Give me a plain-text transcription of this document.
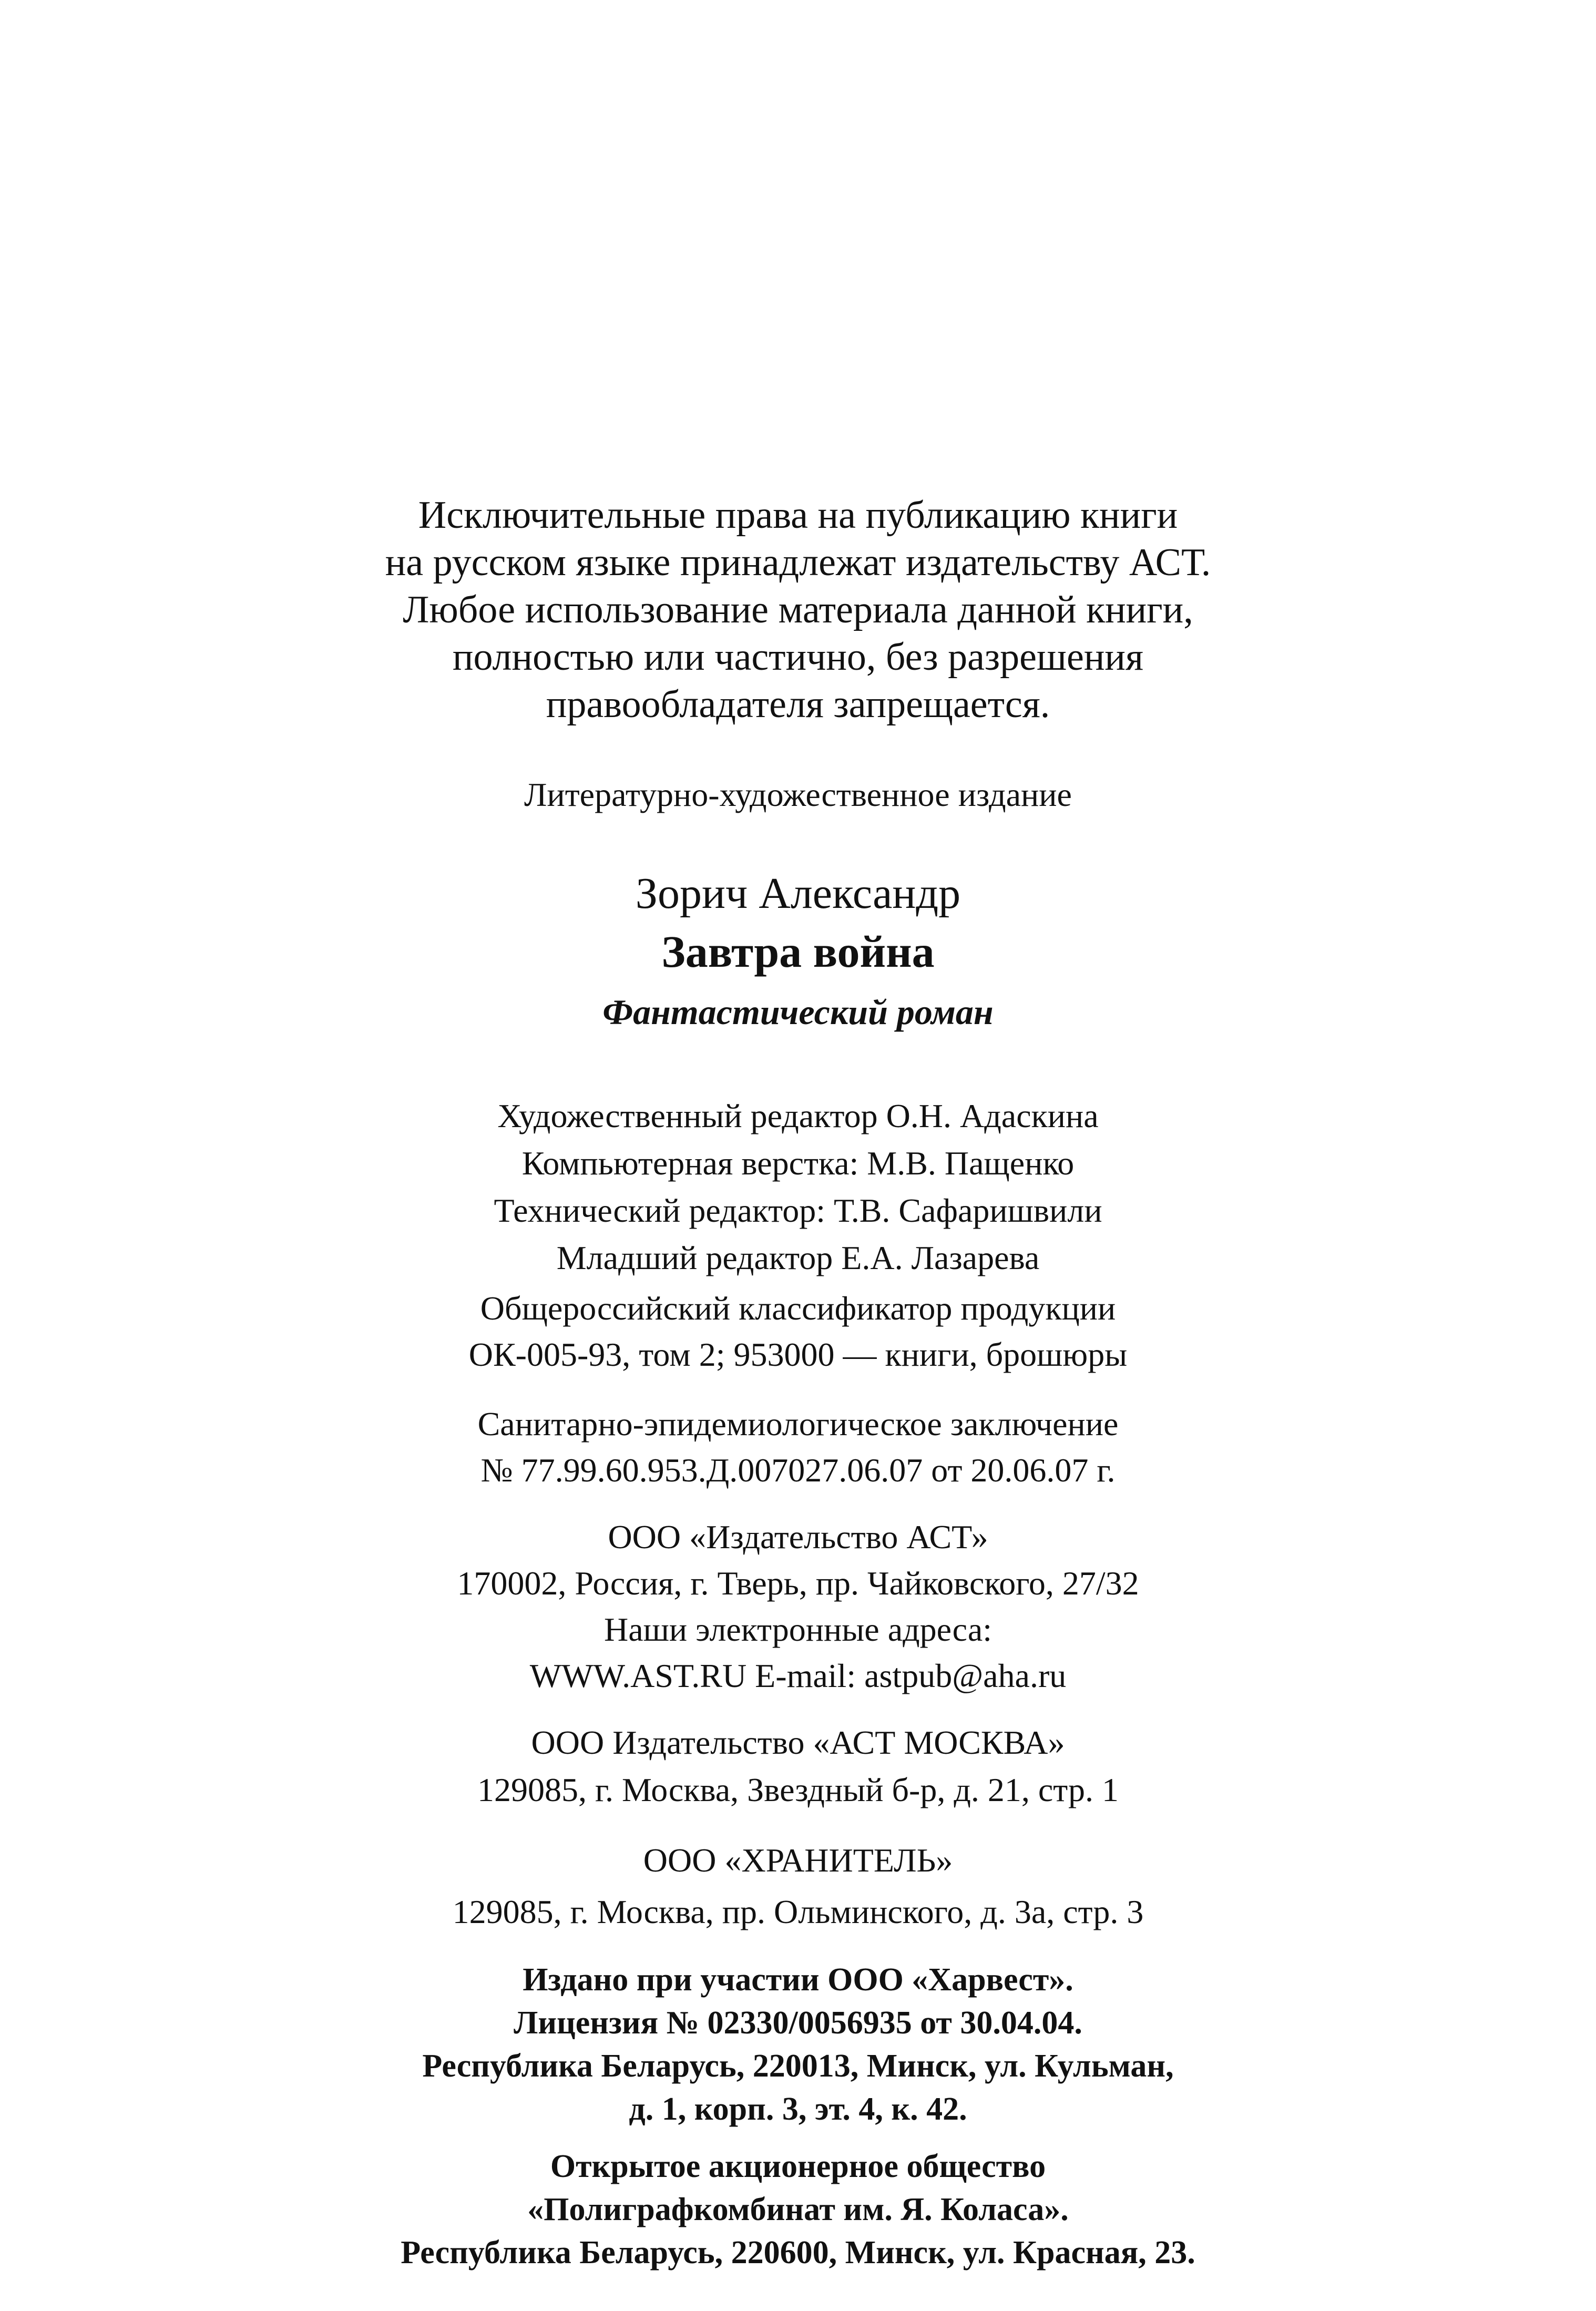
Исключительные права на публикацию книги
на русском языке принадлежат издательству АСТ.
Любое использование материала данной книги,
полностью или частично, без разрешения
правообладателя запрещается.
Литературно-художественное издание
Зорич Александр
Завтра война
Фантастический роман
Художественный редактор О.Н. Адаскина
Компьютерная верстка: М.В. Пащенко
Технический редактор: Т.В. Сафаришвили
Младший редактор Е.А. Лазарева
Общероссийский классификатор продукции
ОК-005-93, том 2; 953000 — книги, брошюры
Санитарно-эпидемиологическое заключение
№ 77.99.60.953.Д.007027.06.07 от 20.06.07 г.
ООО «Издательство АСТ»
170002, Россия, г. Тверь, пр. Чайковского, 27/32
Наши электронные адреса:
WWW.AST.RU E-mail: astpub@aha.ru
ООО Издательство «АСТ МОСКВА»
129085, г. Москва, Звездный б-р, д. 21, стр. 1
ООО «ХРАНИТЕЛЬ»
129085, г. Москва, пр. Ольминского, д. 3а, стр. 3
Издано при участии ООО «Харвест».
Лицензия № 02330/0056935 от 30.04.04.
Республика Беларусь, 220013, Минск, ул. Кульман,
д. 1, корп. 3, эт. 4, к. 42.
Открытое акционерное общество
«Полиграфкомбинат им. Я. Коласа».
Республика Беларусь, 220600, Минск, ул. Красная, 23.
